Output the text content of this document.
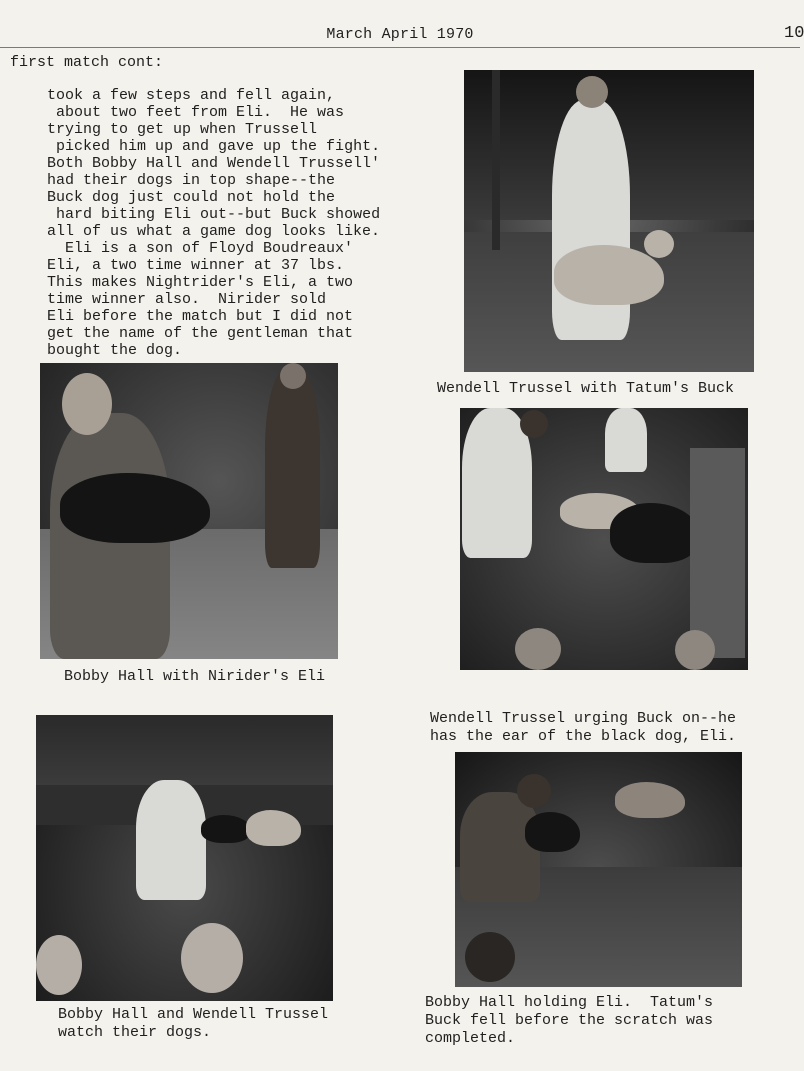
March April 1970	10
first match cont:

took a few steps and fell again,
about two feet from Eli.  He was
trying to get up when Trussell
picked him up and gave up the fight.
Both Bobby Hall and Wendell Trussell'
had their dogs in top shape--the
Buck dog just could not hold the
hard biting Eli out--but Buck showed
all of us what a game dog looks like.

Eli is a son of Floyd Boudreaux'
Eli, a two time winner at 37 lbs.
This makes Nightrider's Eli, a two
time winner also.  Nirider sold
Eli before the match but I did not
get the name of the gentleman that
bought the dog.

Wendell Trussel with Tatum's Buck
Bobby Hall with Nirider's Eli
Wendell Trussel urging Buck on--he
has the ear of the black dog, Eli.
Bobby Hall and Wendell Trussel
watch their dogs.
Bobby Hall holding Eli.  Tatum's
Buck fell before the scratch was
completed.
